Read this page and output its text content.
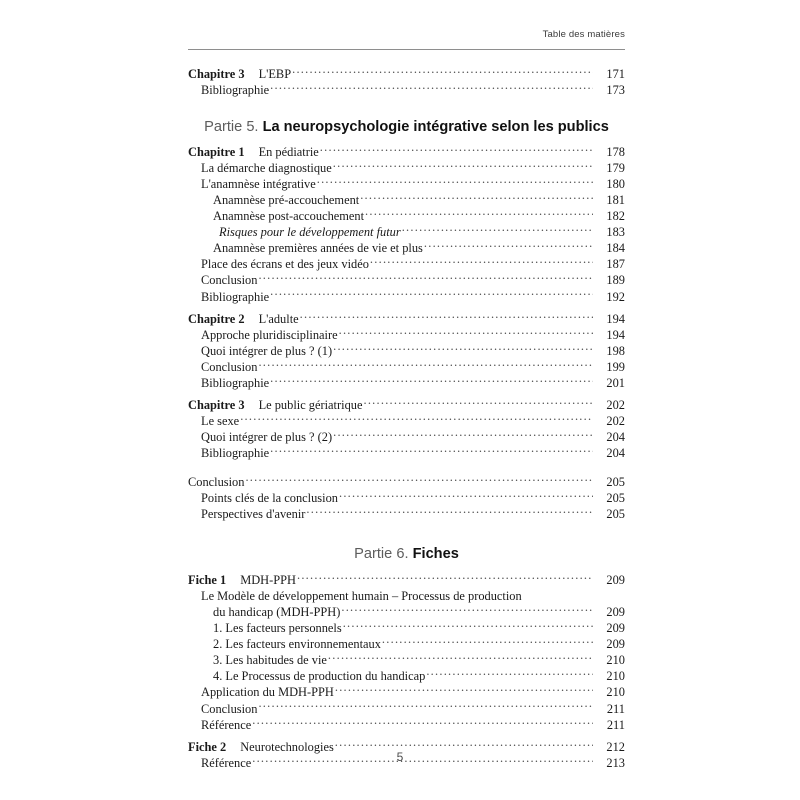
Table des matières
Chapitre 3 L'EBP .....	171
Bibliographie .....	173
Partie 5. La neuropsychologie intégrative selon les publics
Chapitre 1 En pédiatrie .....	178
La démarche diagnostique .....	179
L'anamnèse intégrative .....	180
Anamnèse pré-accouchement .....	181
Anamnèse post-accouchement .....	182
Risques pour le développement futur .....	183
Anamnèse premières années de vie et plus .....	184
Place des écrans et des jeux vidéo .....	187
Conclusion .....	189
Bibliographie .....	192
Chapitre 2 L'adulte .....	194
Approche pluridisciplinaire .....	194
Quoi intégrer de plus ? (1) .....	198
Conclusion .....	199
Bibliographie .....	201
Chapitre 3 Le public gériatrique .....	202
Le sexe .....	202
Quoi intégrer de plus ? (2) .....	204
Bibliographie .....	204
Conclusion .....	205
Points clés de la conclusion .....	205
Perspectives d'avenir .....	205
Partie 6. Fiches
Fiche 1 MDH-PPH .....	209
Le Modèle de développement humain – Processus de production
du handicap (MDH-PPH) .....	209
1. Les facteurs personnels .....	209
2. Les facteurs environnementaux .....	209
3. Les habitudes de vie .....	210
4. Le Processus de production du handicap .....	210
Application du MDH-PPH .....	210
Conclusion .....	211
Référence .....	211
Fiche 2 Neurotechnologies .....	212
Référence .....	213
5
